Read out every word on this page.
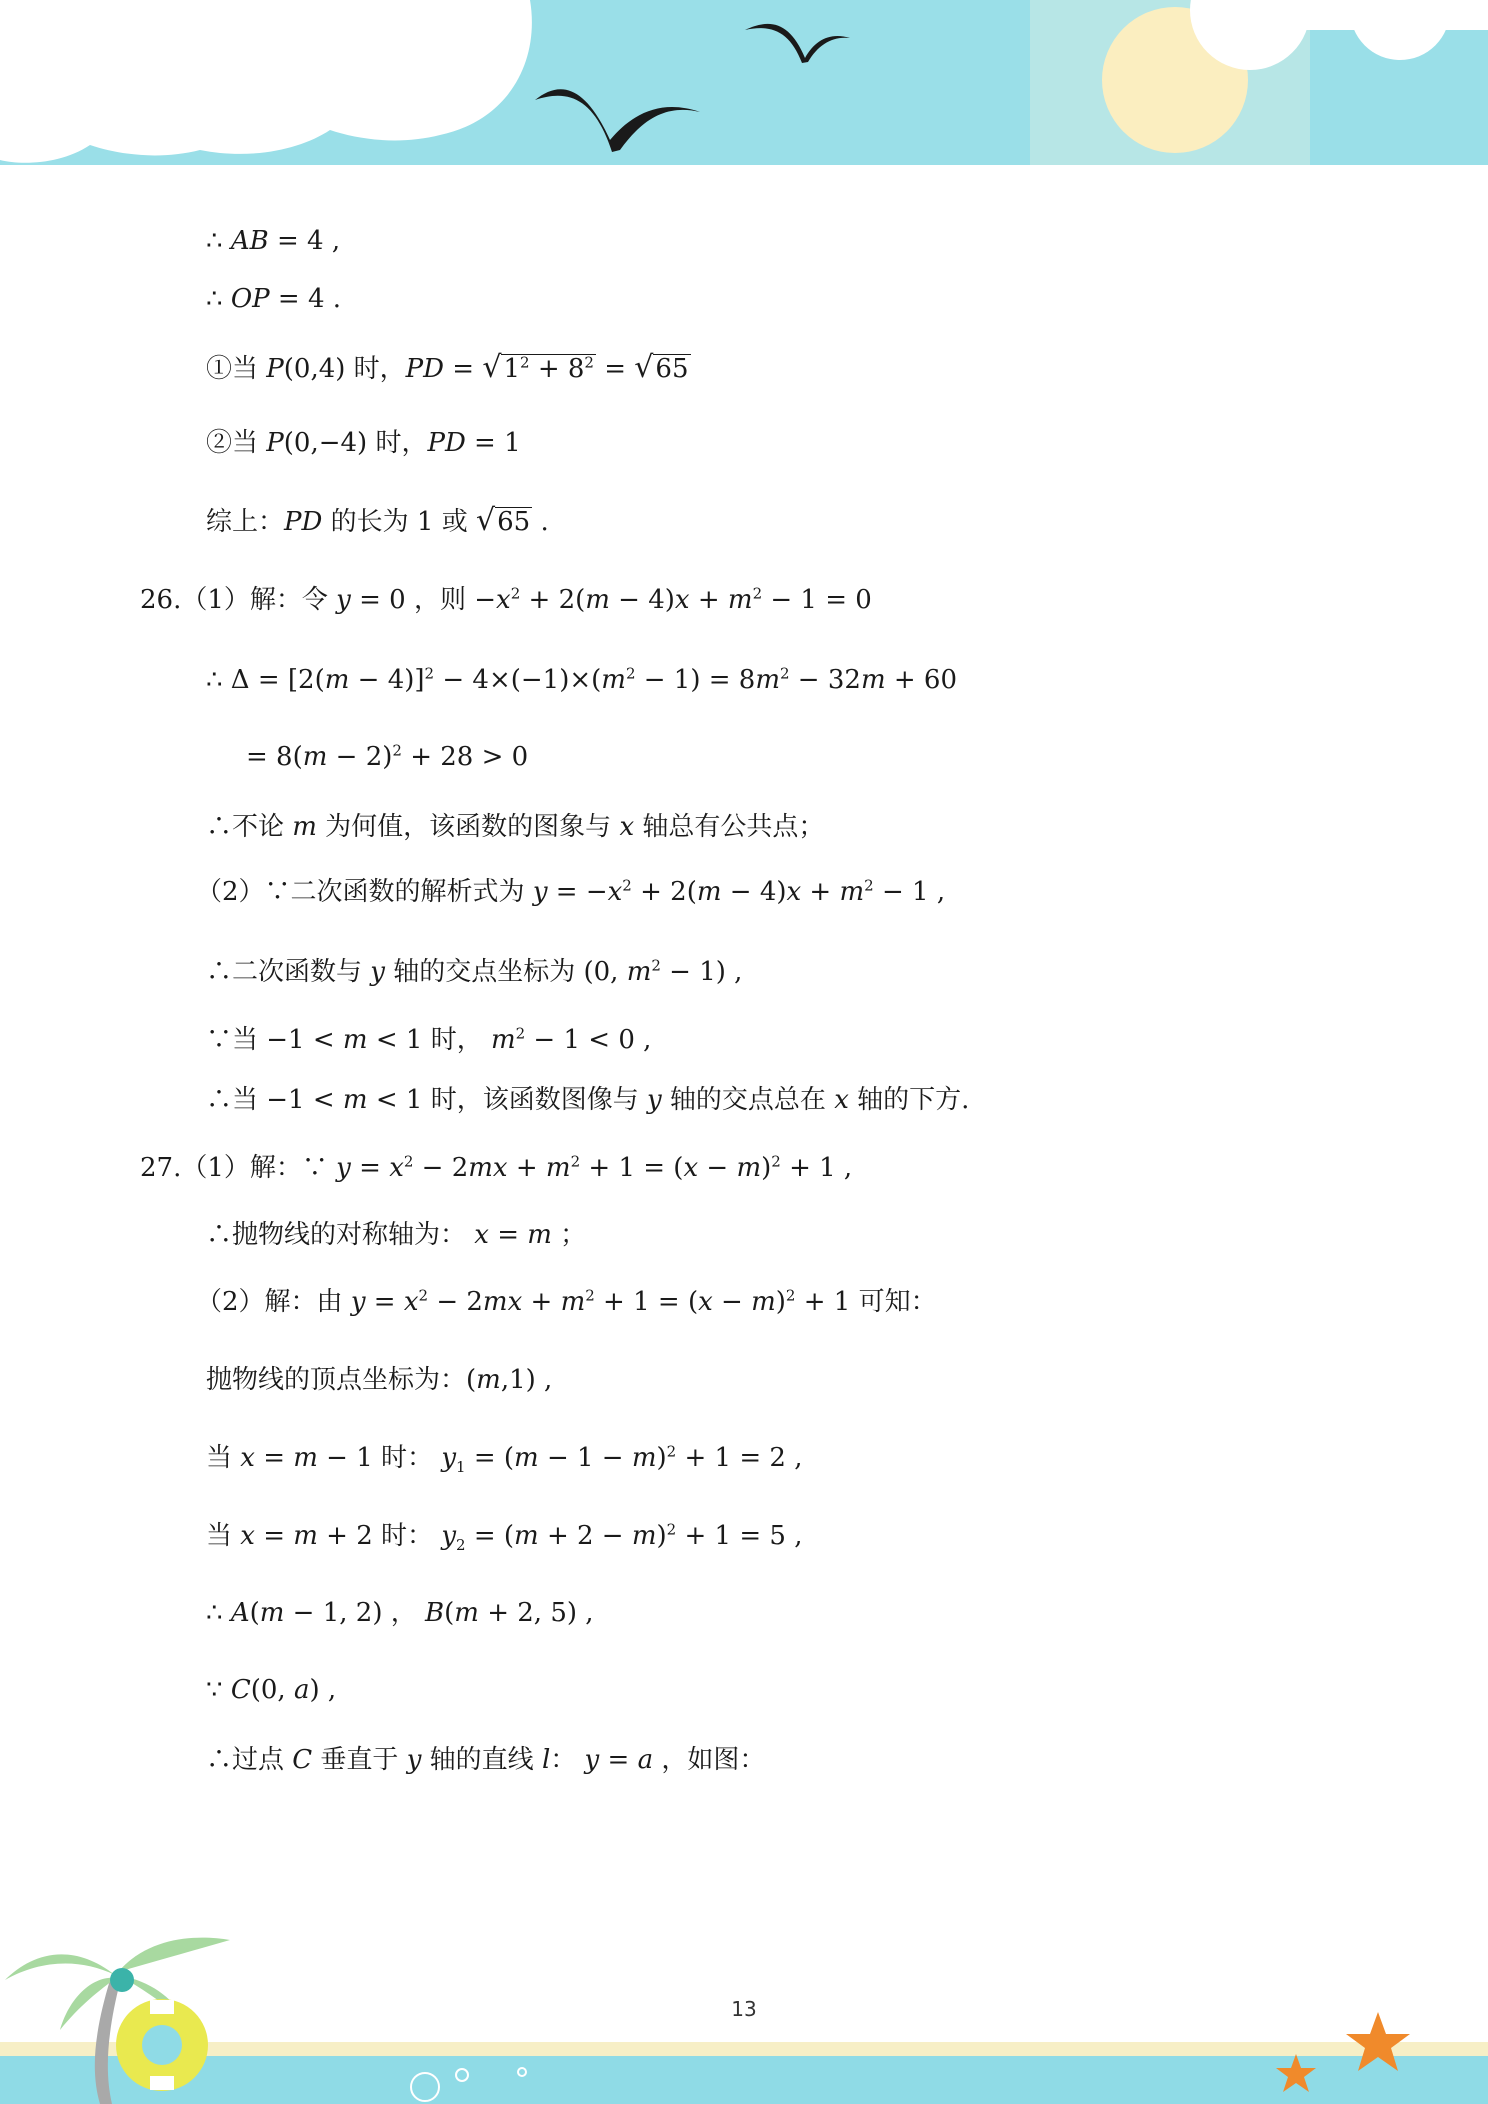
∴ AB = 4 ,
∴ OP = 4 .
①当 P(0,4) 时，PD = $√1^2 + 8^2 = √65$
②当 P(0,−4) 时，PD = 1
综上：PD 的长为 1 或 √65 .
26.（1）解：令 y = 0 ，则 $-x^2 + 2(m - 4)x + m^2 - 1 = 0$
∴ $\Delta = [2(m - 4)]^2 - 4\times(-1)\times(m^2 - 1) = 8m^2 - 32m + 60$
= $8(m - 2)^2 + 28 > 0$
∴不论 m 为何值，该函数的图象与 x 轴总有公共点；
（2）∵二次函数的解析式为 $y = -x^2 + 2(m - 4)x + m^2 - 1$ ,
∴二次函数与 y 轴的交点坐标为 (0, $m^2 - 1$) ,
∵当 −1 < m < 1 时， $m^2 - 1 < 0$ ,
∴当 −1 < m < 1 时，该函数图像与 y 轴的交点总在 x 轴的下方.
27.（1）解：∵ $y = x^2 - 2mx + m^2 + 1 = (x - m)^2 + 1$ ,
∴抛物线的对称轴为： x = m ；
（2）解：由 $y = x^2 - 2mx + m^2 + 1 = (x - m)^2 + 1$ 可知：
抛物线的顶点坐标为：(m,1) ,
当 x = m − 1 时： $y_1 = (m - 1 - m)^2 + 1 = 2$ ,
当 x = m + 2 时： $y_2 = (m + 2 - m)^2 + 1 = 5$ ,
∴ A(m − 1, 2) ， B(m + 2, 5) ,
∵ C(0, a) ,
∴过点 C 垂直于 y 轴的直线 l： y = a ，如图：
13
